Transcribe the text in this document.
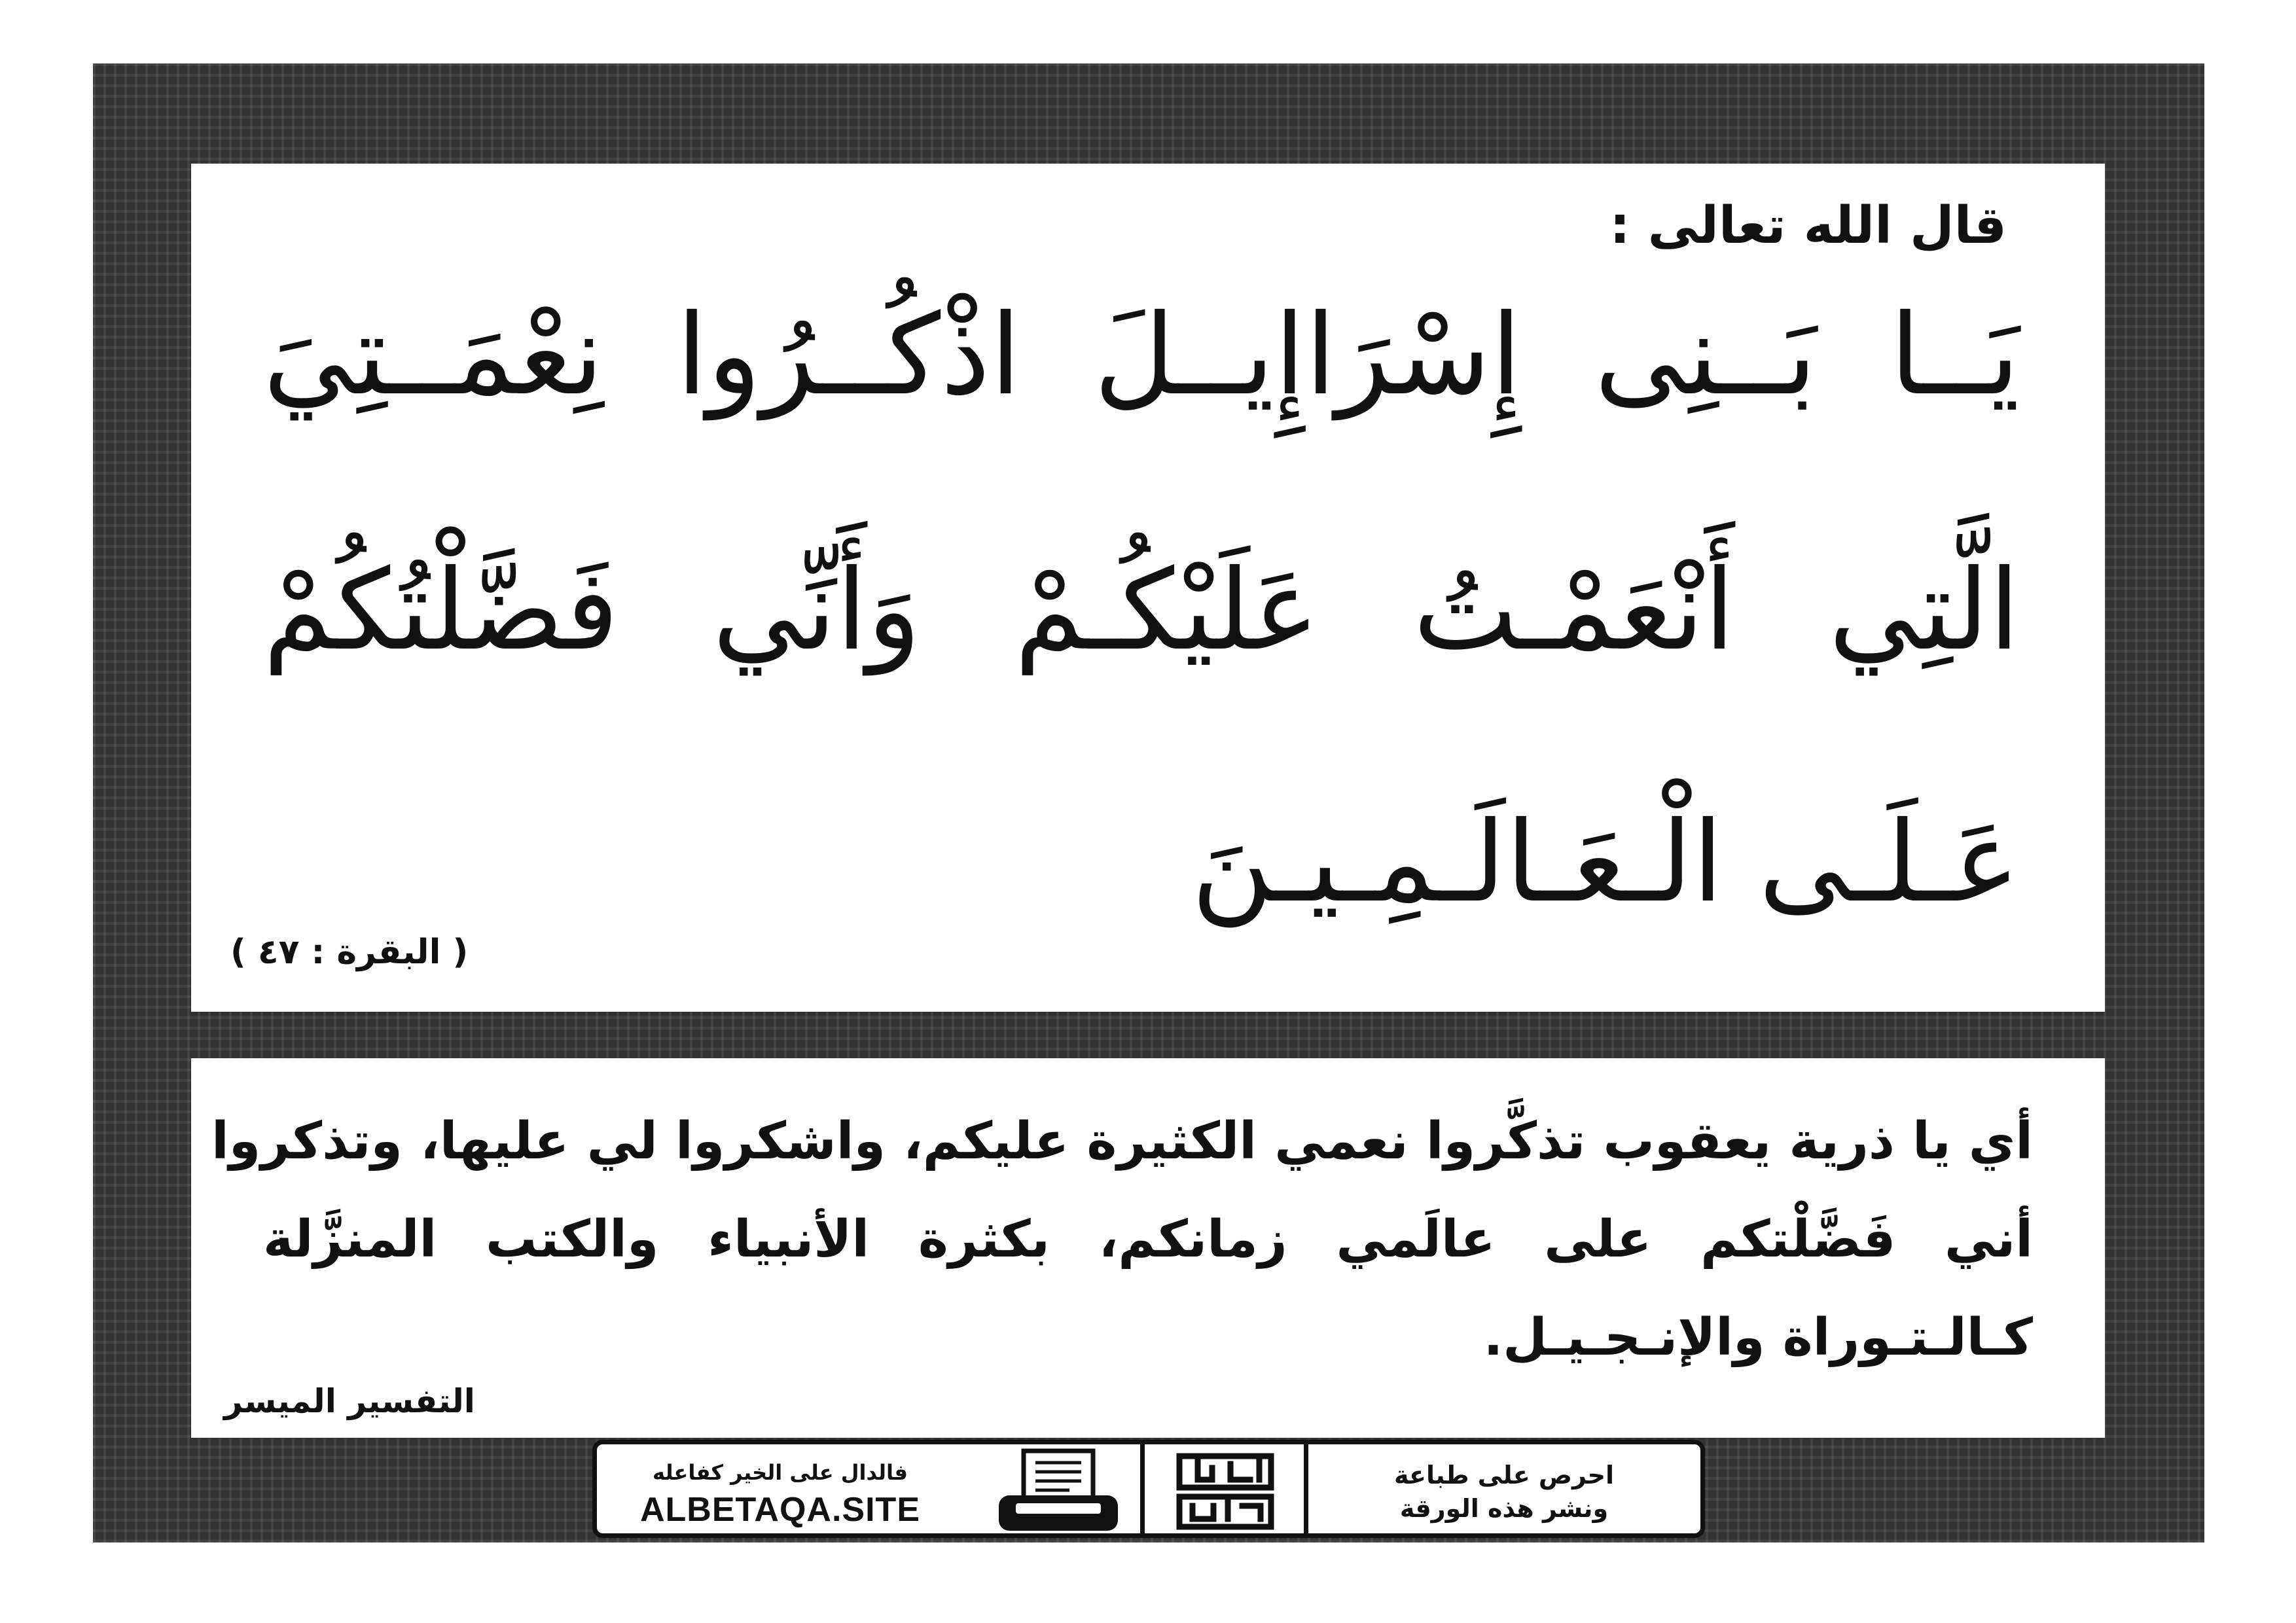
قال الله تعالى :
يَــا بَــنِى إِسْرَاإِيــلَ اذْكُــرُوا نِعْمَــتِيَ
الَّتِي أَنْعَمْـتُ عَلَيْكُـمْ وَأَنِّي فَضَّلْتُكُمْ
عَـلَـى الْـعَـالَـمِـيـنَ
( البقرة : ٤٧ )
أي يا ذرية يعقوب تذكَّروا نعمي الكثيرة عليكم، واشكروا لي عليها، وتذكروا
أني فَضَّلْتكم على عالَمي زمانكم، بكثرة الأنبياء والكتب المنزَّلة
كـالـتـوراة والإنـجـيـل.
التفسير الميسر
فالدال على الخير كفاعله
ALBETAQA.SITE
دعوة الورقة
احرص على طباعة
ونشر هذه الورقة
